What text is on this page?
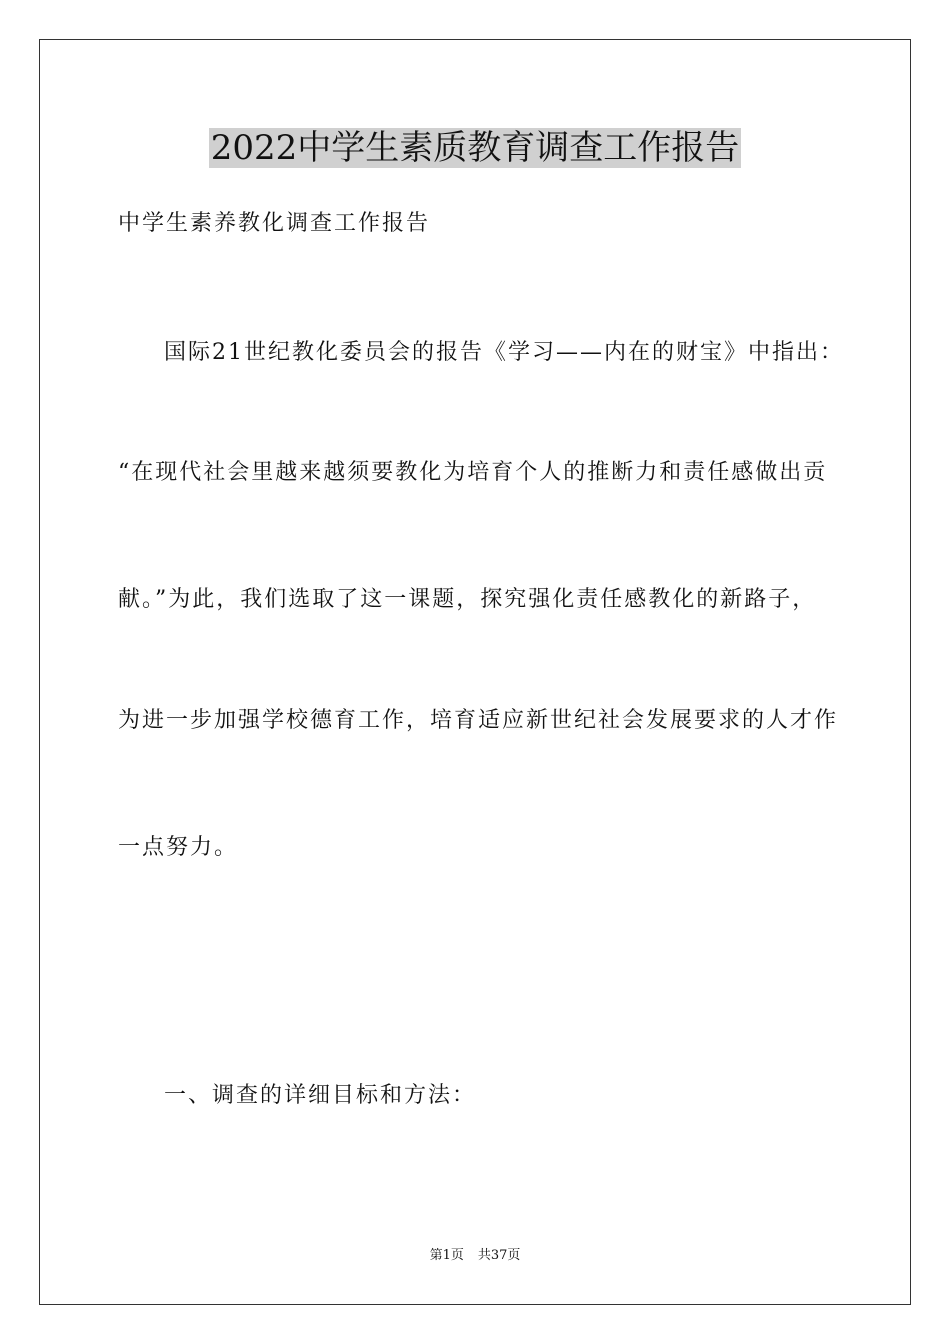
2022中学生素质教育调查工作报告

中学生素养教化调查工作报告

国际21世纪教化委员会的报告《学习——内在的财宝》中指出：

“在现代社会里越来越须要教化为培育个人的推断力和责任感做出贡

献。”为此，我们选取了这一课题，探究强化责任感教化的新路子，

为进一步加强学校德育工作，培育适应新世纪社会发展要求的人才作

一点努力。

一、调查的详细目标和方法：

第1页 共37页
